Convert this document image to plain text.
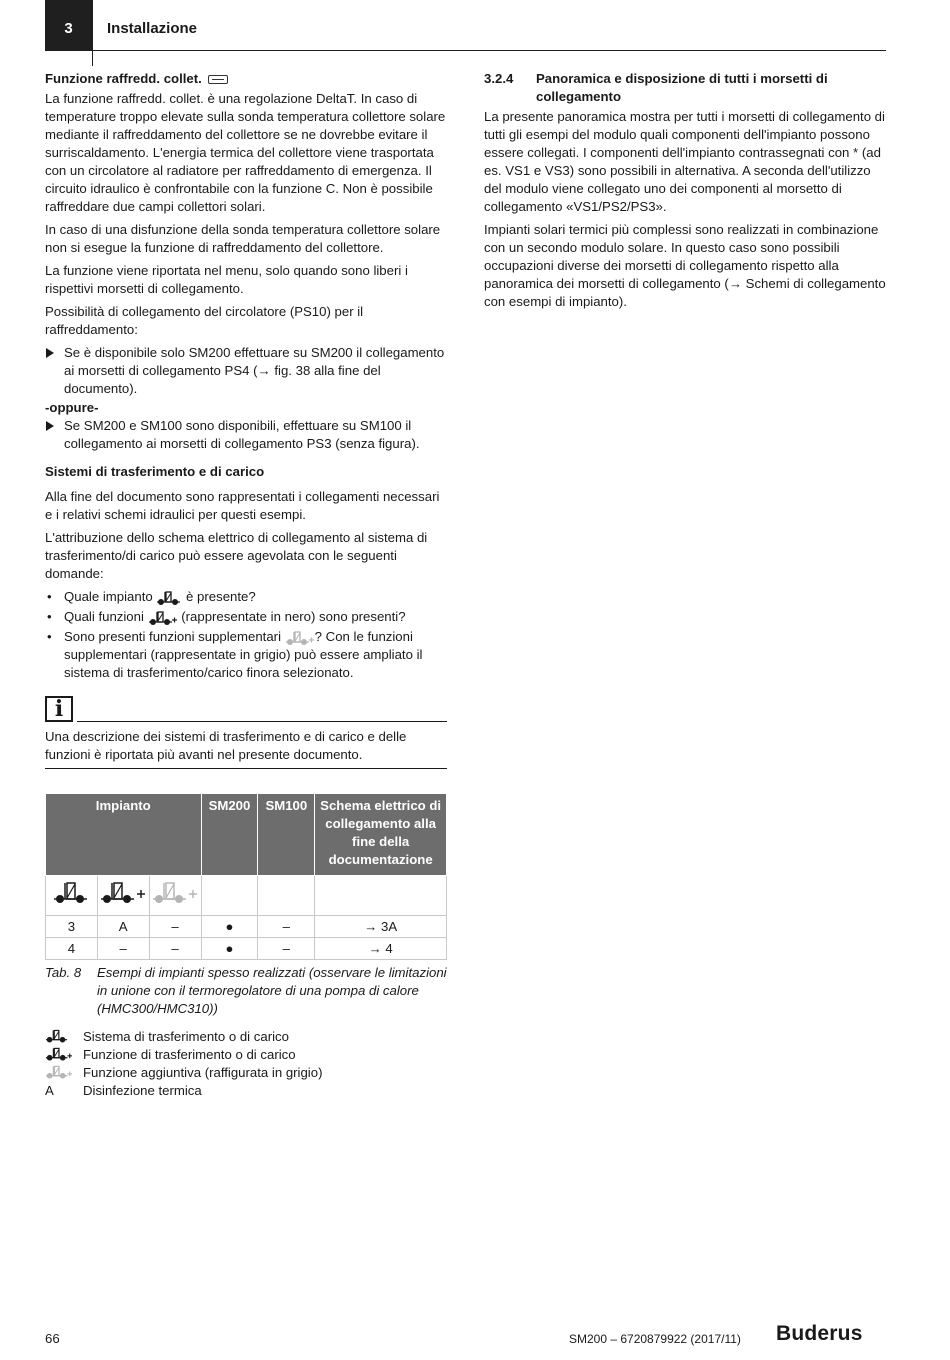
3	Installazione
Funzione raffredd. collet.

La funzione raffredd. collet. è una regolazione DeltaT. In caso di temperature troppo elevate sulla sonda temperatura collettore solare mediante il raffreddamento del collettore se ne dovrebbe evitare il surriscaldamento. L'energia termica del collettore viene trasportata con un circolatore al radiatore per raffreddamento di emergenza. Il circuito idraulico è confrontabile con la funzione C. Non è possibile raffreddare due campi collettori solari.

In caso di una disfunzione della sonda temperatura collettore solare non si esegue la funzione di raffreddamento del collettore.

La funzione viene riportata nel menu, solo quando sono liberi i rispettivi morsetti di collegamento.

Possibilità di collegamento del circolatore (PS10) per il raffreddamento:

Se è disponibile solo SM200 effettuare su SM200 il collegamento ai morsetti di collegamento PS4 (→ fig. 38 alla fine del documento).
-oppure-
Se SM200 e SM100 sono disponibili, effettuare su SM100 il collegamento ai morsetti di collegamento PS3 (senza figura).
Sistemi di trasferimento e di carico

Alla fine del documento sono rappresentati i collegamenti necessari e i relativi schemi idraulici per questi esempi.

L'attribuzione dello schema elettrico di collegamento al sistema di trasferimento/di carico può essere agevolata con le seguenti domande:

• Quale impianto	è presente?
• Quali funzioni	(rappresentate in nero) sono presenti?
• Sono presenti funzioni supplementari	? Con le funzioni supplementari (rappresentate in grigio) può essere ampliato il sistema di trasferimento/carico finora selezionato.
i
Una descrizione dei sistemi di trasferimento e di carico e delle funzioni è riportata più avanti nel presente documento.
Impianto			SM200	SM100	Schema elettrico di collegamento alla fine della documentazione

3	A	–	●	–	→ 3A
4	–	–	●	–	→ 4
Tab. 8 Esempi di impianti spesso realizzati (osservare le limitazioni in unione con il termoregolatore di una pompa di calore (HMC300/HMC310))
Sistema di trasferimento o di carico
Funzione di trasferimento o di carico
Funzione aggiuntiva (raffigurata in grigio)
A Disinfezione termica
3.2.4 Panoramica e disposizione di tutti i morsetti di collegamento

La presente panoramica mostra per tutti i morsetti di collegamento di tutti gli esempi del modulo quali componenti dell'impianto possono essere collegati. I componenti dell'impianto contrassegnati con * (ad es. VS1 e VS3) sono possibili in alternativa. A seconda dell'utilizzo del modulo viene collegato uno dei componenti al morsetto di collegamento «VS1/PS2/PS3».

Impianti solari termici più complessi sono realizzati in combinazione con un secondo modulo solare. In questo caso sono possibili occupazioni diverse dei morsetti di collegamento rispetto alla panoramica dei morsetti di collegamento (→ Schemi di collegamento con esempi di impianto).

66	SM200 – 6720879922 (2017/11) Buderus
